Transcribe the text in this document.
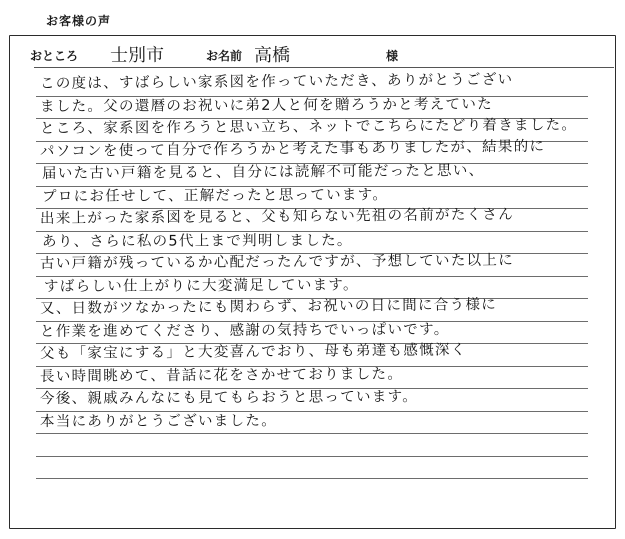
お客様の声
おところ 士別市	お名前 高橋	様
この度は、すばらしい家系図を作っていただき、ありがとうござい
ました。父の還暦のお祝いに弟2人と何を贈ろうかと考えていた
ところ、家系図を作ろうと思い立ち、ネットでこちらにたどり着きました。
パソコンを使って自分で作ろうかと考えた事もありましたが、結果的に
届いた古い戸籍を見ると、自分には読解不可能だったと思い、
プロにお任せして、正解だったと思っています。
出来上がった家系図を見ると、父も知らない先祖の名前がたくさん
あり、さらに私の5代上まで判明しました。
古い戸籍が残っているか心配だったんですが、予想していた以上に
すばらしい仕上がりに大変満足しています。
又、日数がツなかったにも関わらず、お祝いの日に間に合う様に
と作業を進めてくださり、感謝の気持ちでいっぱいです。
父も「家宝にする」と大変喜んでおり、母も弟達も感慨深く
長い時間眺めて、昔話に花をさかせておりました。
今後、親戚みんなにも見てもらおうと思っています。
本当にありがとうございました。
